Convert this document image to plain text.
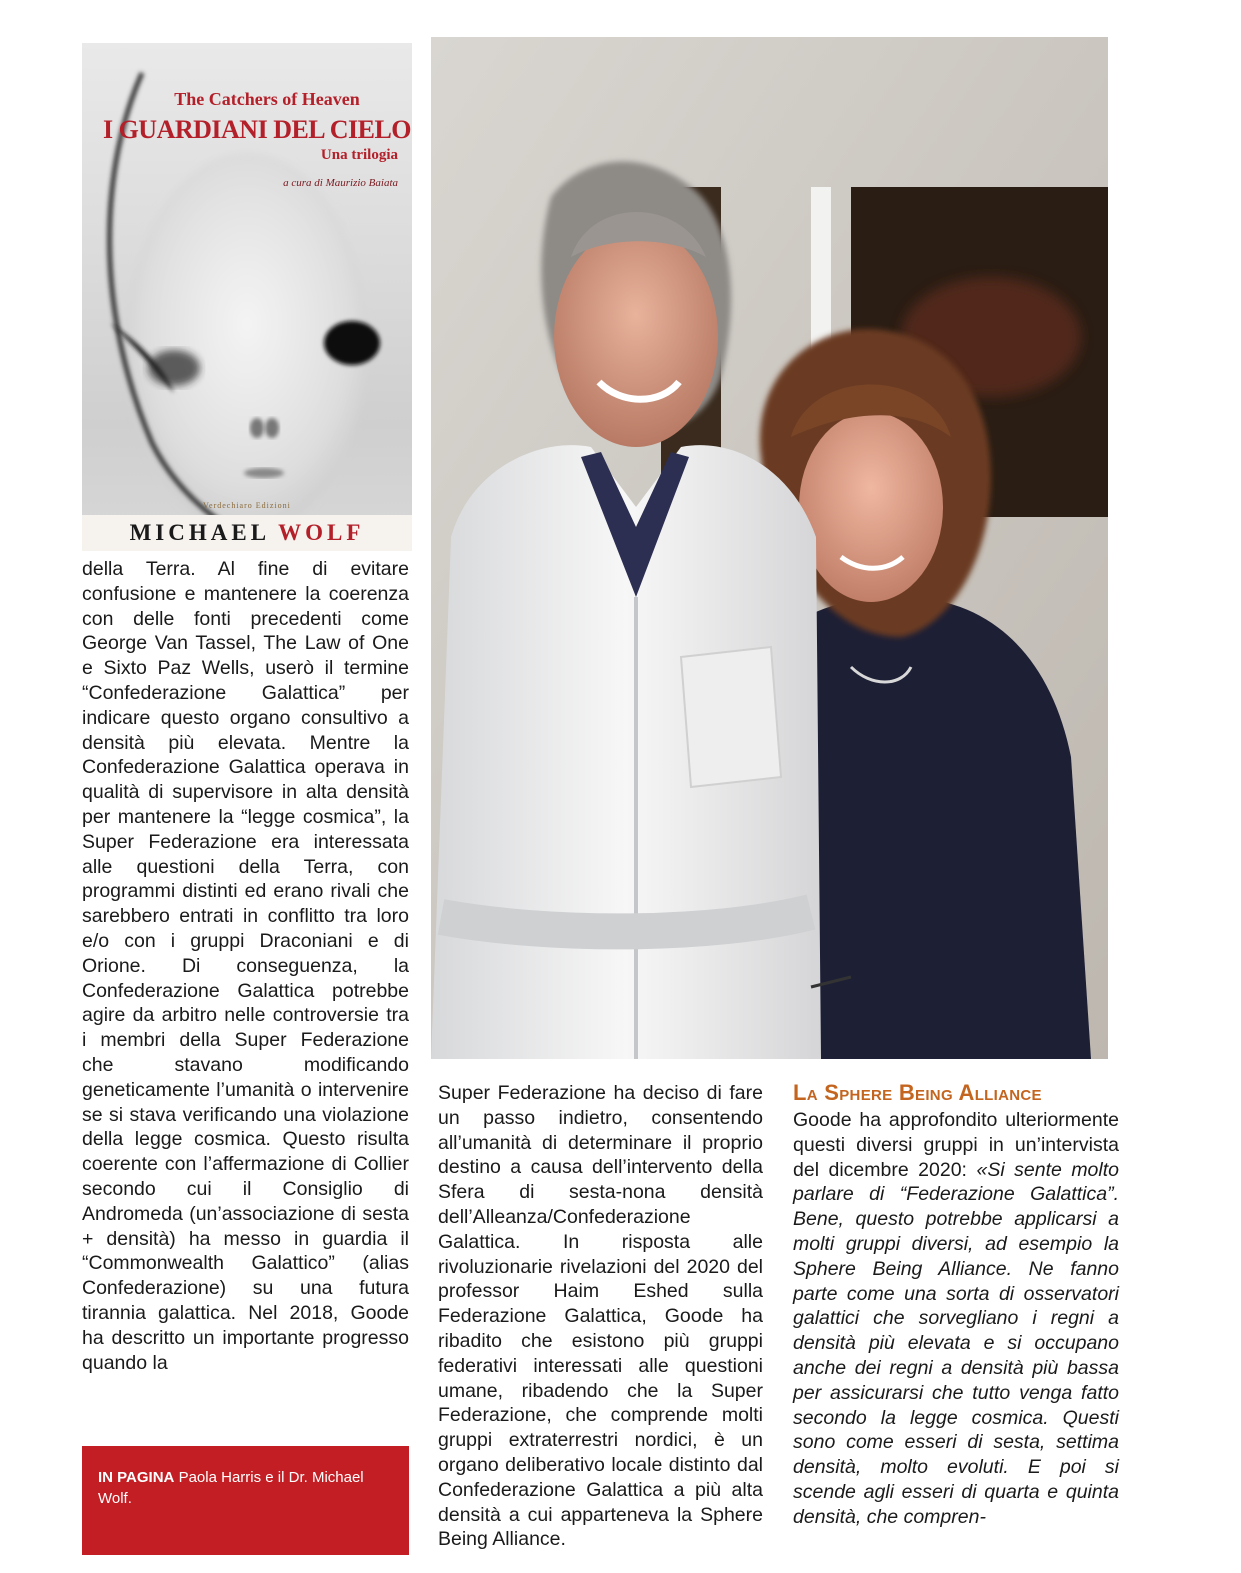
The Catchers of Heaven
I GUARDIANI DEL CIELO
Una trilogia
a cura di Maurizio Baiata
Verdechiaro Edizioni
MICHAEL WOLF

della Terra. Al fine di evitare confusione e mantenere la coerenza con delle fonti precedenti come George Van Tassel, The Law of One e Sixto Paz Wells, userò il termine “Confederazione Galattica” per indicare questo organo consultivo a densità più elevata. Mentre la Confederazione Galattica operava in qualità di supervisore in alta densità per mantenere la “legge cosmica”, la Super Federazione era interessata alle questioni della Terra, con programmi distinti ed erano rivali che sarebbero entrati in conflitto tra loro e/o con i gruppi Draconiani e di Orione. Di conseguenza, la Confederazione Galattica potrebbe agire da arbitro nelle controversie tra i membri della Super Federazione che stavano modificando geneticamente l’umanità o intervenire se si stava verificando una violazione della legge cosmica. Questo risulta coerente con l’affermazione di Collier secondo cui il Consiglio di Andromeda (un’associazione di sesta + densità) ha messo in guardia il “Commonwealth Galattico” (alias Confederazione) su una futura tirannia galattica. Nel 2018, Goode ha descritto un importante progresso quando la

Super Federazione ha deciso di fare un passo indietro, consentendo all’umanità di determinare il proprio destino a causa dell’intervento della Sfera di sesta-nona densità dell’Alleanza/Confederazione Galattica. In risposta alle rivoluzionarie rivelazioni del 2020 del professor Haim Eshed sulla Federazione Galattica, Goode ha ribadito che esistono più gruppi federativi interessati alle questioni umane, ribadendo che la Super Federazione, che comprende molti gruppi extraterrestri nordici, è un organo deliberativo locale distinto dal Confederazione Galattica a più alta densità a cui apparteneva la Sphere Being Alliance.

La Sphere Being Alliance

Goode ha approfondito ulteriormente questi diversi gruppi in un’intervista del dicembre 2020: «Si sente molto parlare di “Federazione Galattica”. Bene, questo potrebbe applicarsi a molti gruppi diversi, ad esempio la Sphere Being Alliance. Ne fanno parte come una sorta di osservatori galattici che sorvegliano i regni a densità più elevata e si occupano anche dei regni a densità più bassa per assicurarsi che tutto venga fatto secondo la legge cosmica. Questi sono come esseri di sesta, settima densità, molto evoluti. E poi si scende agli esseri di quarta e quinta densità, che compren-

IN PAGINA Paola Harris e il Dr. Michael Wolf.
